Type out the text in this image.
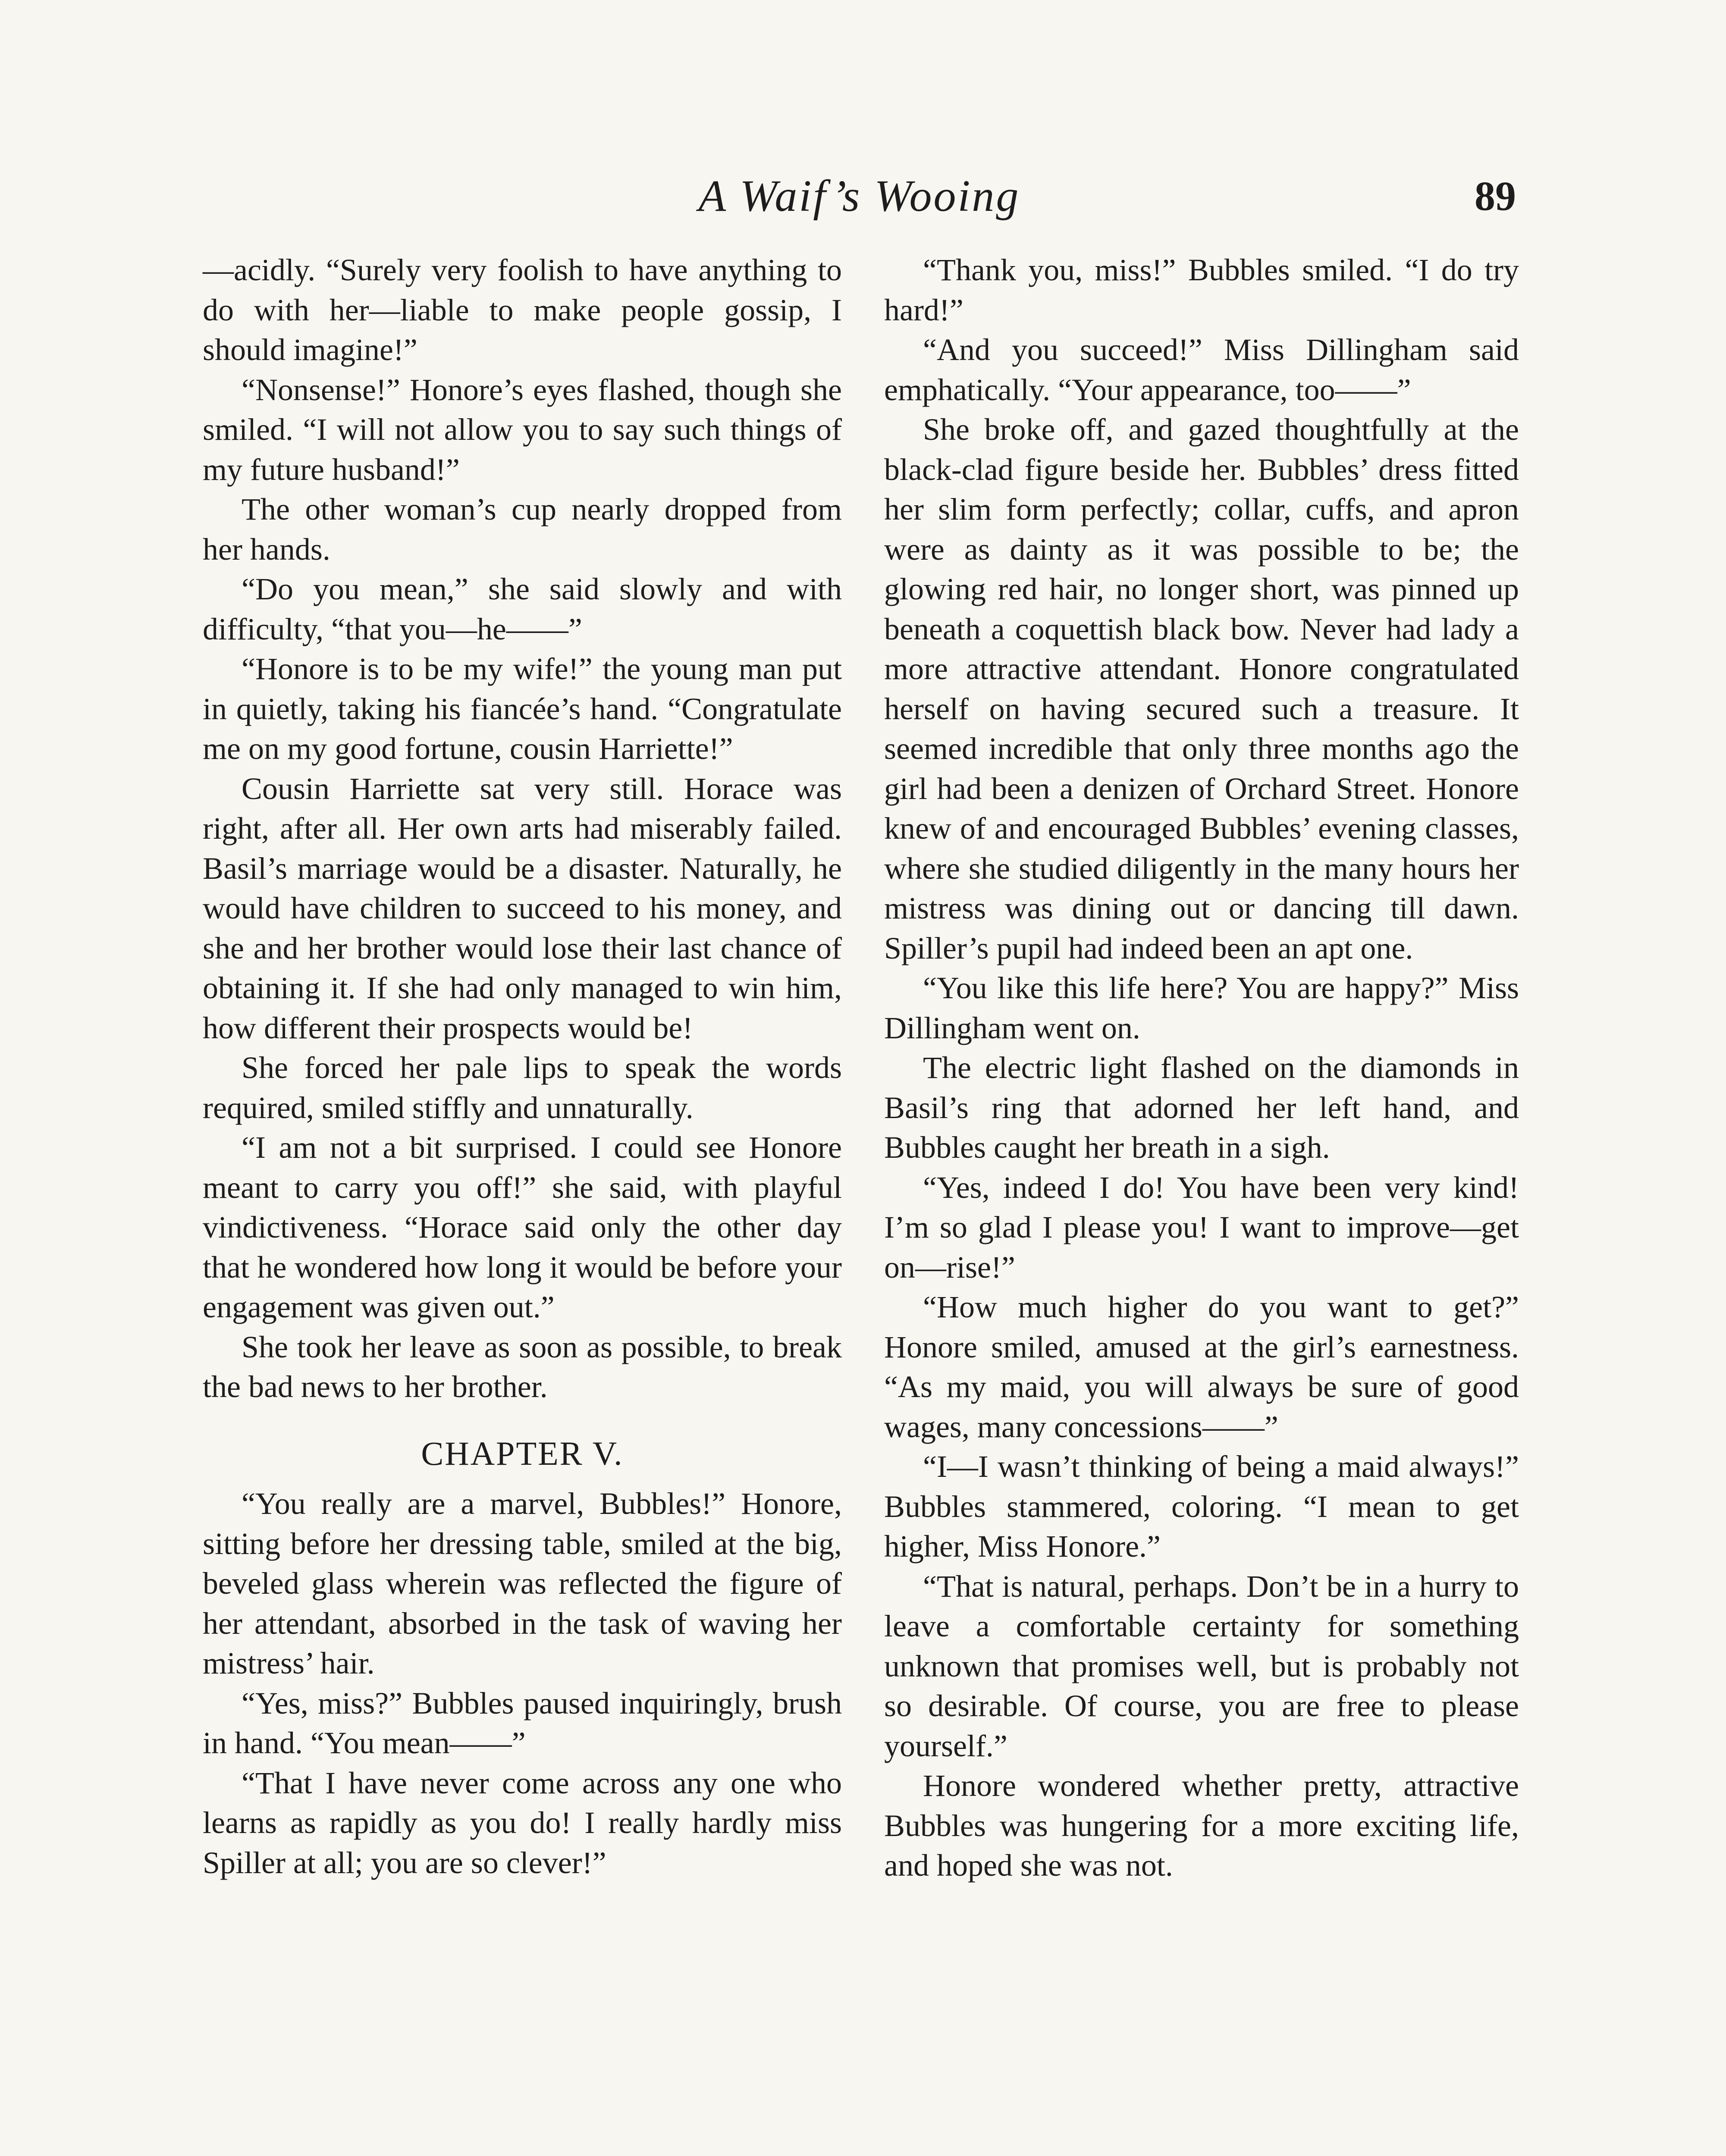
A Waif’s Wooing	89

—acidly. “Surely very foolish to have anything to do with her—liable to make people gossip, I should imagine!”

“Nonsense!” Honore’s eyes flashed, though she smiled. “I will not allow you to say such things of my future husband!”

The other woman’s cup nearly dropped from her hands.

“Do you mean,” she said slowly and with difficulty, “that you—he——”

“Honore is to be my wife!” the young man put in quietly, taking his fiancée’s hand. “Congratulate me on my good fortune, cousin Harriette!”

Cousin Harriette sat very still. Horace was right, after all. Her own arts had miserably failed. Basil’s marriage would be a disaster. Naturally, he would have children to succeed to his money, and she and her brother would lose their last chance of obtaining it. If she had only managed to win him, how different their prospects would be!

She forced her pale lips to speak the words required, smiled stiffly and unnaturally.

“I am not a bit surprised. I could see Honore meant to carry you off!” she said, with playful vindictiveness. “Horace said only the other day that he wondered how long it would be before your engagement was given out.”

She took her leave as soon as possible, to break the bad news to her brother.

CHAPTER V.

“You really are a marvel, Bubbles!” Honore, sitting before her dressing table, smiled at the big, beveled glass wherein was reflected the figure of her attendant, absorbed in the task of waving her mistress’ hair.

“Yes, miss?” Bubbles paused inquiringly, brush in hand. “You mean——”

“That I have never come across any one who learns as rapidly as you do! I really hardly miss Spiller at all; you are so clever!”

“Thank you, miss!” Bubbles smiled. “I do try hard!”

“And you succeed!” Miss Dillingham said emphatically. “Your appearance, too——”

She broke off, and gazed thoughtfully at the black-clad figure beside her. Bubbles’ dress fitted her slim form perfectly; collar, cuffs, and apron were as dainty as it was possible to be; the glowing red hair, no longer short, was pinned up beneath a coquettish black bow. Never had lady a more attractive attendant. Honore congratulated herself on having secured such a treasure. It seemed incredible that only three months ago the girl had been a denizen of Orchard Street. Honore knew of and encouraged Bubbles’ evening classes, where she studied diligently in the many hours her mistress was dining out or dancing till dawn. Spiller’s pupil had indeed been an apt one.

“You like this life here? You are happy?” Miss Dillingham went on.

The electric light flashed on the diamonds in Basil’s ring that adorned her left hand, and Bubbles caught her breath in a sigh.

“Yes, indeed I do! You have been very kind! I’m so glad I please you! I want to improve—get on—rise!”

“How much higher do you want to get?” Honore smiled, amused at the girl’s earnestness. “As my maid, you will always be sure of good wages, many concessions——”

“I—I wasn’t thinking of being a maid always!” Bubbles stammered, coloring. “I mean to get higher, Miss Honore.”

“That is natural, perhaps. Don’t be in a hurry to leave a comfortable certainty for something unknown that promises well, but is probably not so desirable. Of course, you are free to please yourself.”

Honore wondered whether pretty, attractive Bubbles was hungering for a more exciting life, and hoped she was not.
